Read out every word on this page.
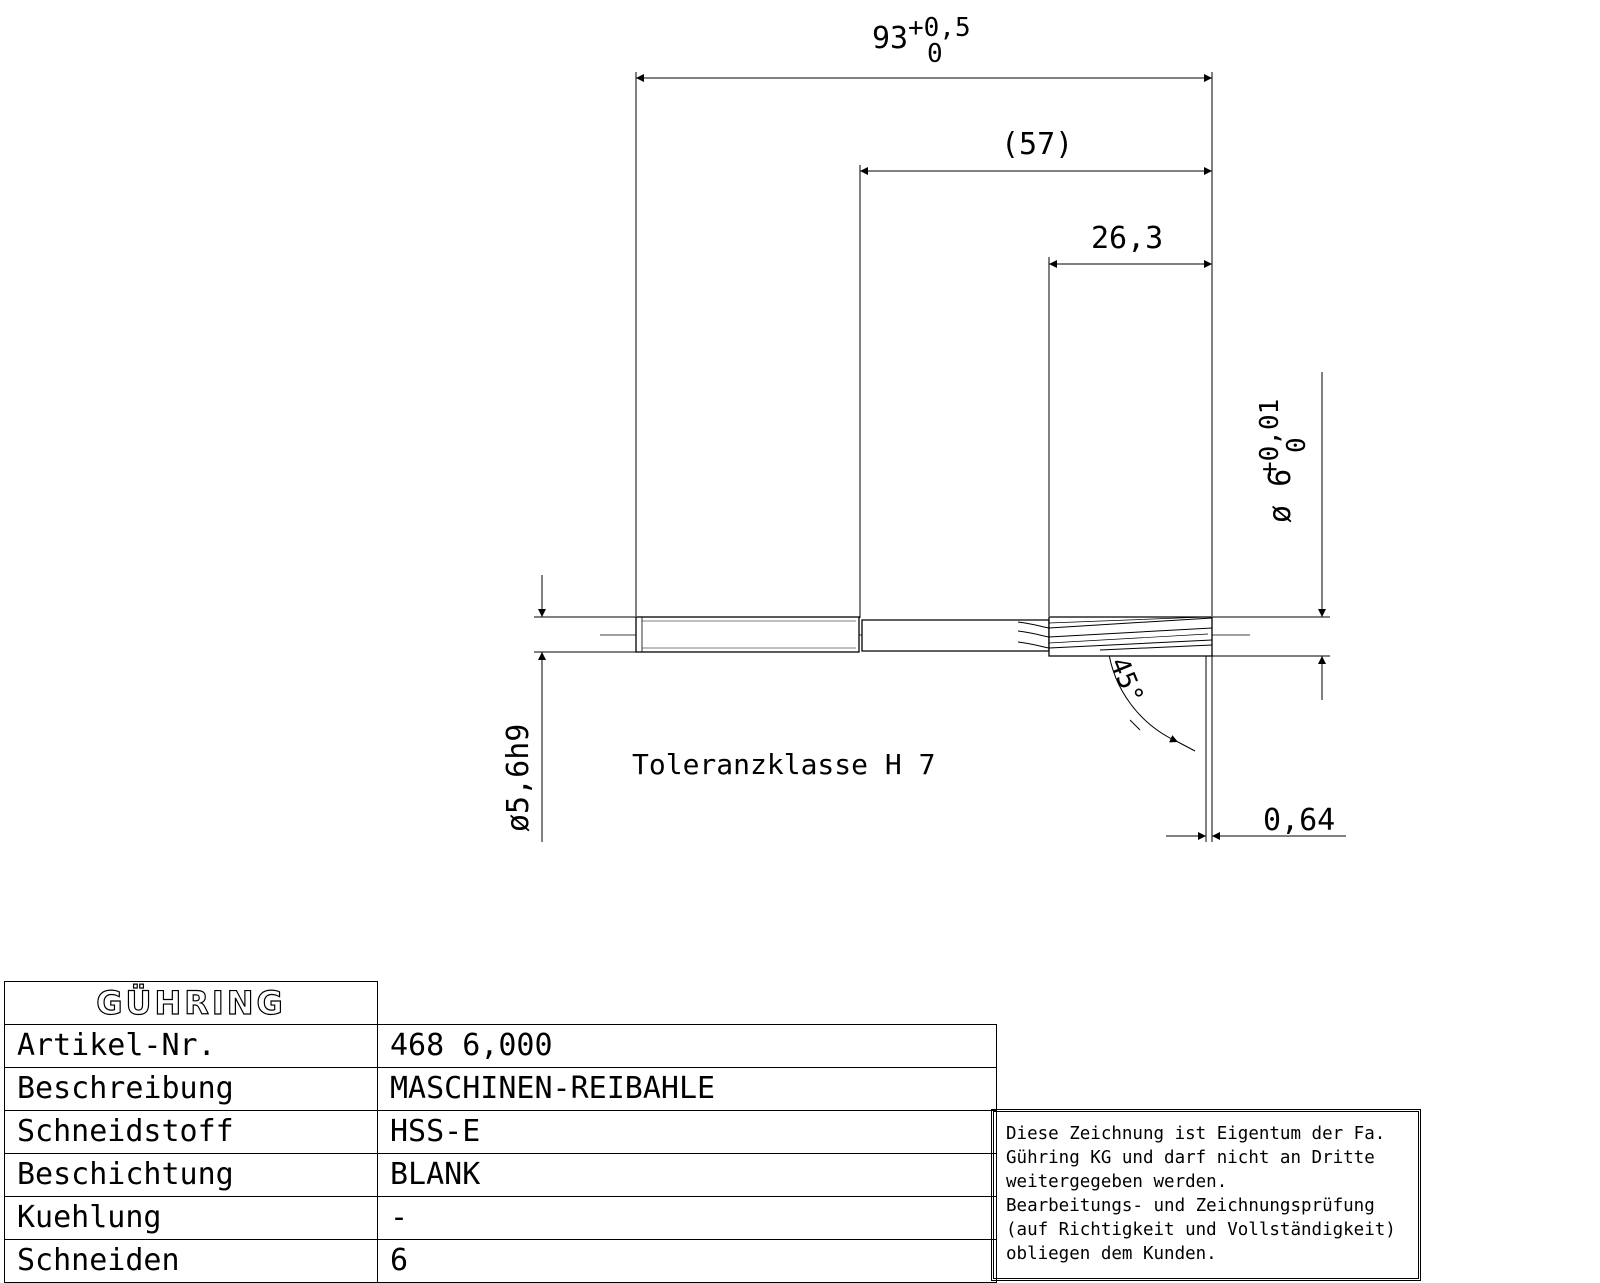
93 +0,5
0
(57)
26,3
0,64
Toleranzklasse H 7
ø 6
+0,01
0
ø5,6h9
45°
GÜHRING	
Artikel-Nr.	468 6,000
Beschreibung	MASCHINEN-REIBAHLE
Schneidstoff	HSS-E
Beschichtung	BLANK
Kuehlung	-
Schneiden	6
Diese Zeichnung ist Eigentum der Fa.
Gühring KG und darf nicht an Dritte
weitergegeben werden.
Bearbeitungs- und Zeichnungsprüfung
(auf Richtigkeit und Vollständigkeit)
obliegen dem Kunden.
